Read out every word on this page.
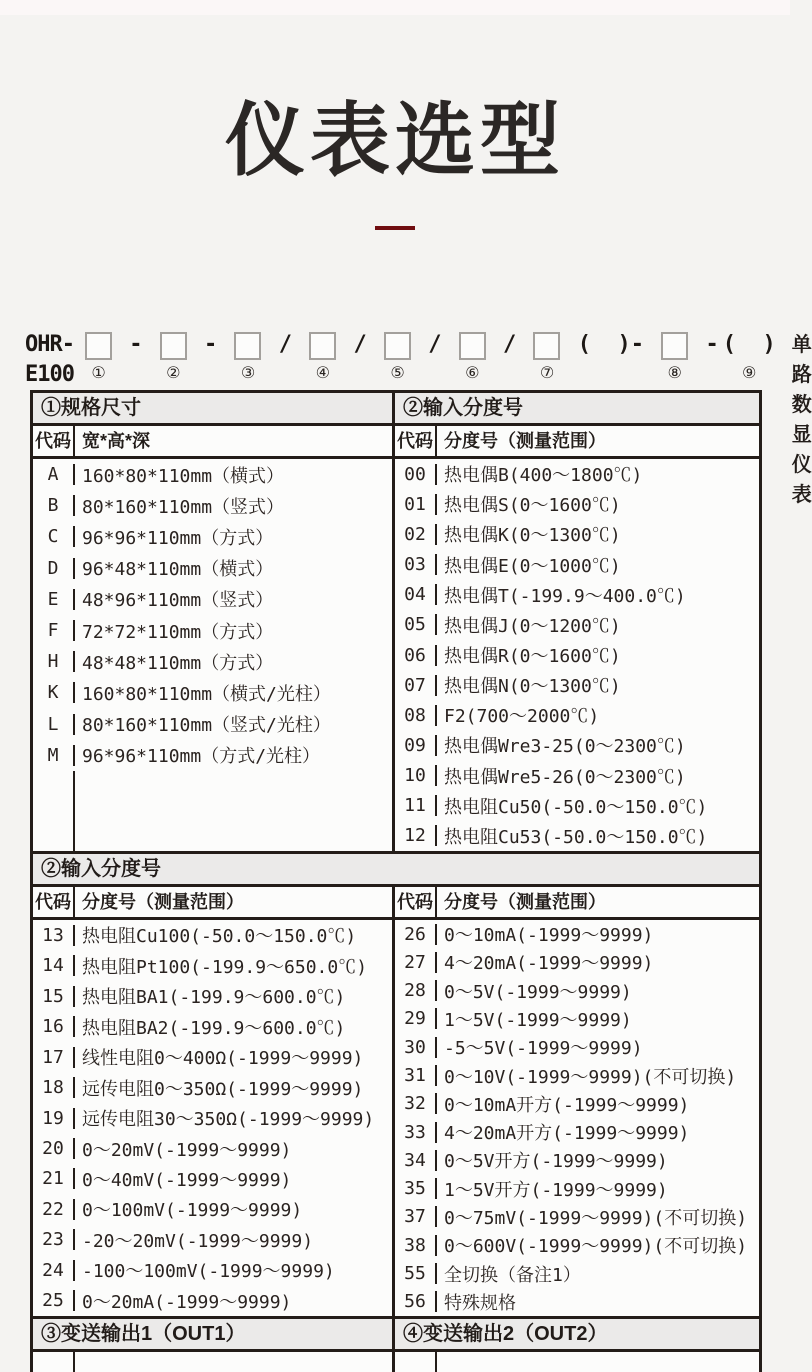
仪表选型
OHR-E100 ①
-
②
-
③
/
④
/
⑤
/
⑥
/
⑦
(  )-
⑧
- (  )
⑨
单路数显仪表
①规格尺寸	②输入分度号
代码 宽*高*深	代码 分度号（测量范围）
A	160*80*110mm（横式）
B	80*160*110mm（竖式）
C	96*96*110mm（方式）
D	96*48*110mm（横式）
E	48*96*110mm（竖式）
F	72*72*110mm（方式）
H	48*48*110mm（方式）
K	160*80*110mm（横式/光柱）
L	80*160*110mm（竖式/光柱）
M	96*96*110mm（方式/光柱）
00	热电偶B(400～1800℃)
01	热电偶S(0～1600℃)
02	热电偶K(0～1300℃)
03	热电偶E(0～1000℃)
04	热电偶T(-199.9～400.0℃)
05	热电偶J(0～1200℃)
06	热电偶R(0～1600℃)
07	热电偶N(0～1300℃)
08	F2(700～2000℃)
09	热电偶Wre3-25(0～2300℃)
10	热电偶Wre5-26(0～2300℃)
11	热电阻Cu50(-50.0～150.0℃)
12	热电阻Cu53(-50.0～150.0℃)
②输入分度号
代码 分度号（测量范围）	代码 分度号（测量范围）
13	热电阻Cu100(-50.0～150.0℃)
14	热电阻Pt100(-199.9～650.0℃)
15	热电阻BA1(-199.9～600.0℃)
16	热电阻BA2(-199.9～600.0℃)
17	线性电阻0～400Ω(-1999～9999)
18	远传电阻0～350Ω(-1999～9999)
19	远传电阻30～350Ω(-1999～9999)
20	0～20mV(-1999～9999)
21	0～40mV(-1999～9999)
22	0～100mV(-1999～9999)
23	-20～20mV(-1999～9999)
24	-100～100mV(-1999～9999)
25	0～20mA(-1999～9999)
26	0～10mA(-1999～9999)
27	4～20mA(-1999～9999)
28	0～5V(-1999～9999)
29	1～5V(-1999～9999)
30	-5～5V(-1999～9999)
31	0～10V(-1999～9999)(不可切换)
32	0～10mA开方(-1999～9999)
33	4～20mA开方(-1999～9999)
34	0～5V开方(-1999～9999)
35	1～5V开方(-1999～9999)
37	0～75mV(-1999～9999)(不可切换)
38	0～600V(-1999～9999)(不可切换)
55	全切换（备注1）
56	特殊规格
③变送输出1（OUT1）	④变送输出2（OUT2）
